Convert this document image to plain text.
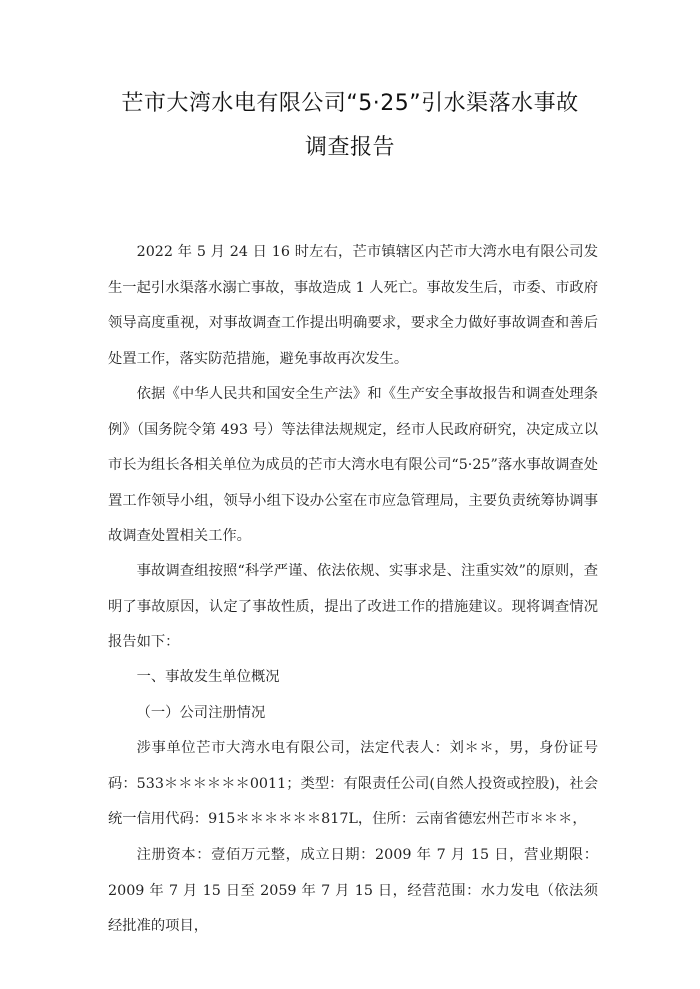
芒市大湾水电有限公司“5·25”引水渠落水事故
调查报告

2022 年 5 月 24 日 16 时左右，芒市镇辖区内芒市大湾水电有限公司发生一起引水渠落水溺亡事故，事故造成 1 人死亡。事故发生后，市委、市政府领导高度重视，对事故调查工作提出明确要求，要求全力做好事故调查和善后处置工作，落实防范措施，避免事故再次发生。

依据《中华人民共和国安全生产法》和《生产安全事故报告和调查处理条例》（国务院令第 493 号）等法律法规规定，经市人民政府研究，决定成立以市长为组长各相关单位为成员的芒市大湾水电有限公司“5·25”落水事故调查处置工作领导小组，领导小组下设办公室在市应急管理局，主要负责统筹协调事故调查处置相关工作。

事故调查组按照“科学严谨、依法依规、实事求是、注重实效”的原则，查明了事故原因，认定了事故性质，提出了改进工作的措施建议。现将调查情况报告如下：

一、事故发生单位概况

（一）公司注册情况

涉事单位芒市大湾水电有限公司，法定代表人：刘＊＊，男，身份证号码：533＊＊＊＊＊＊0011；类型：有限责任公司(自然人投资或控股)，社会统一信用代码：915＊＊＊＊＊＊817L，住所：云南省德宏州芒市＊＊＊，

注册资本：壹佰万元整，成立日期：2009 年 7 月 15 日，营业期限：2009 年 7 月 15 日至 2059 年 7 月 15 日，经营范围：水力发电（依法须经批准的项目，
